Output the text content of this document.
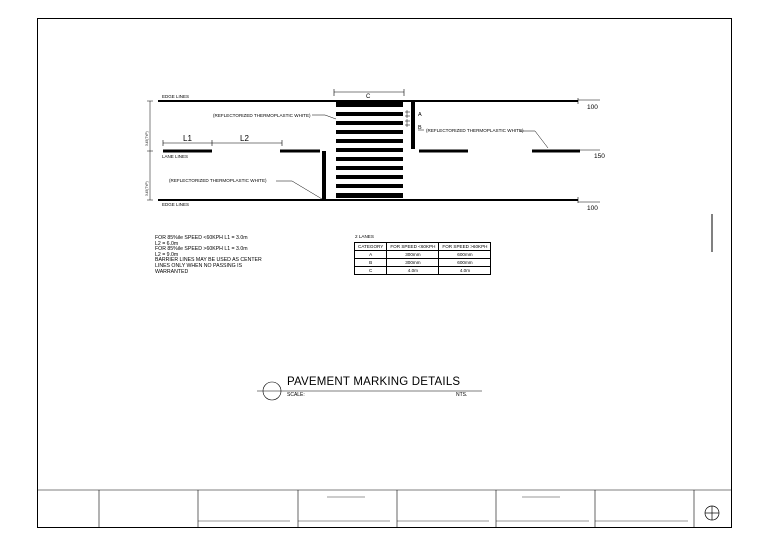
EDGE LINES
EDGE LINES
LANE LINES
(REFLECTORIZED THERMOPLASTIC WHITE)
(REFLECTORIZED THERMOPLASTIC WHITE)
(REFLECTORIZED THERMOPLASTIC WHITE)
L1	L2
C
A
B
100
150
100
3.45(TYP)
3.45(TYP)
FOR 85%ile SPEED <60KPH L1 = 3.0m
L2 = 6.0m
FOR 85%ile SPEED >60KPH L1 = 3.0m
L2 = 9.0m
BARRIER LINES MAY BE USED AS CENTER
LINES ONLY WHEN NO PASSING IS
WARRANTED
2 LANES
CATEGORY	FOR SPEED <60KPH	FOR SPEED >60KPH
A	300mm	600mm
B	300mm	600mm
C	4.0m	4.0m
PAVEMENT MARKING DETAILS
SCALE:	NTS.
